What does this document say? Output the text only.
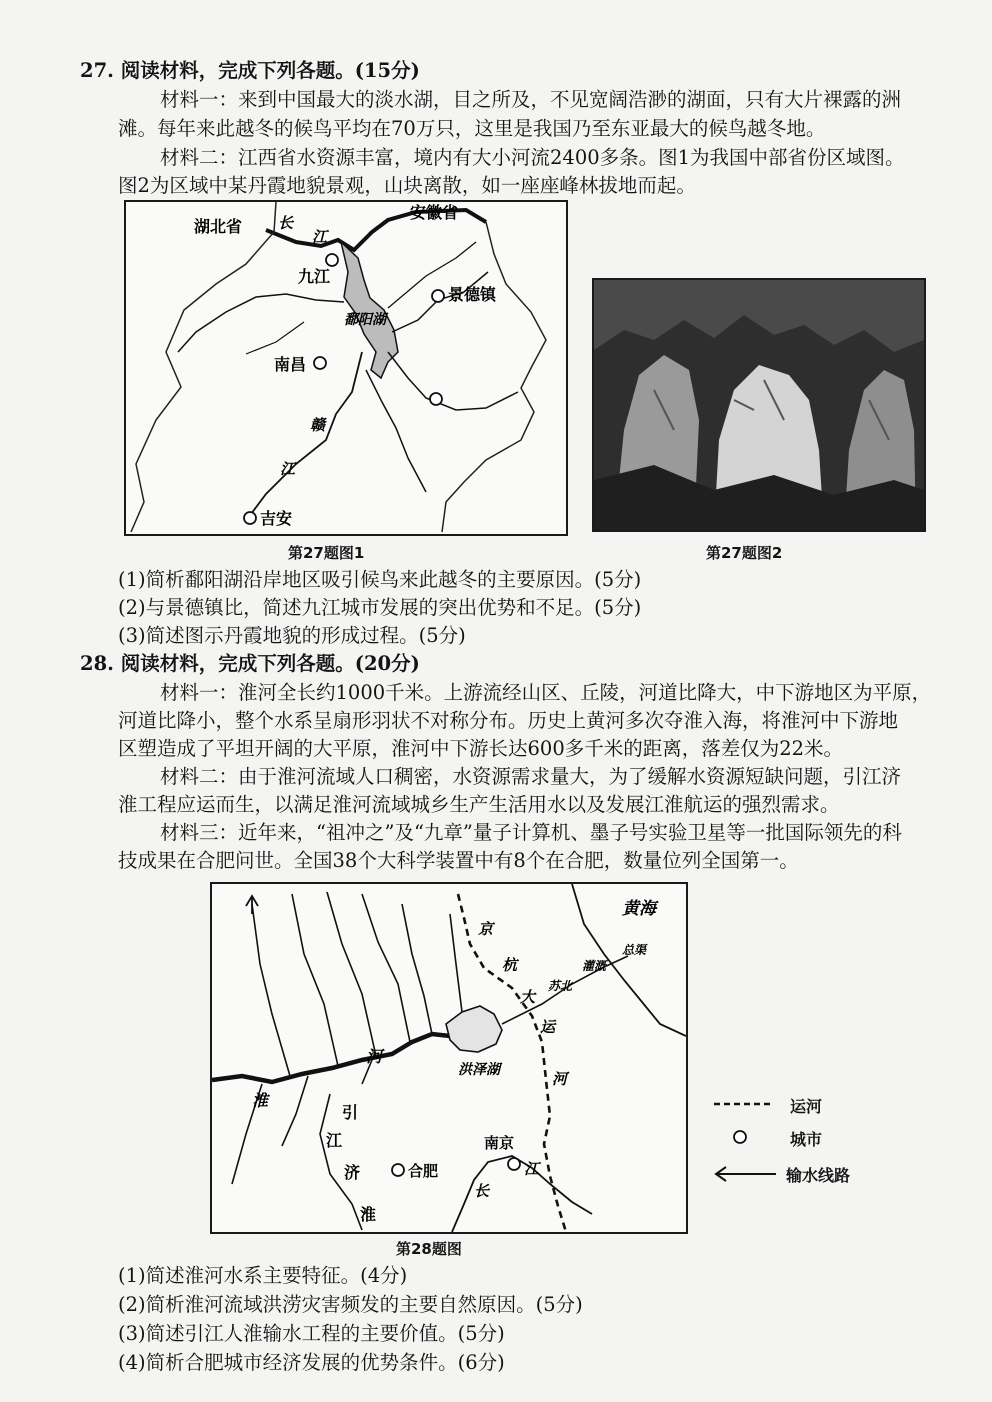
27. 阅读材料，完成下列各题。(15分)
材料一：来到中国最大的淡水湖，目之所及，不见宽阔浩渺的湖面，只有大片裸露的洲
滩。每年来此越冬的候鸟平均在70万只，这里是我国乃至东亚最大的候鸟越冬地。
材料二：江西省水资源丰富，境内有大小河流2400多条。图1为我国中部省份区域图。
图2为区域中某丹霞地貌景观，山块离散，如一座座峰林拔地而起。
湖北省 长
安徽省
江
九江
景德镇
鄱阳湖
南昌
赣
江
吉安
第27题图1	第27题图2
(1)简析鄱阳湖沿岸地区吸引候鸟来此越冬的主要原因。(5分)
(2)与景德镇比，简述九江城市发展的突出优势和不足。(5分)
(3)简述图示丹霞地貌的形成过程。(5分)
28. 阅读材料，完成下列各题。(20分)
材料一：淮河全长约1000千米。上游流经山区、丘陵，河道比降大，中下游地区为平原，
河道比降小，整个水系呈扇形羽状不对称分布。历史上黄河多次夺淮入海，将淮河中下游地
区塑造成了平坦开阔的大平原，淮河中下游长达600多千米的距离，落差仅为22米。
材料二：由于淮河流域人口稠密，水资源需求量大，为了缓解水资源短缺问题，引江济
淮工程应运而生，以满足淮河流域城乡生产生活用水以及发展江淮航运的强烈需求。
材料三：近年来，“祖冲之”及“九章”量子计算机、墨子号实验卫星等一批国际领先的科
技成果在合肥问世。全国38个大科学装置中有8个在合肥，数量位列全国第一。
黄海
京
杭
大
运
河
苏北
灌溉
总渠
洪泽湖
淮
河
引
江
济
淮
合肥
南京
长
江
运河
城市
输水线路
第28题图
(1)简述淮河水系主要特征。(4分)
(2)简析淮河流域洪涝灾害频发的主要自然原因。(5分)
(3)简述引江人淮输水工程的主要价值。(5分)
(4)简析合肥城市经济发展的优势条件。(6分)
